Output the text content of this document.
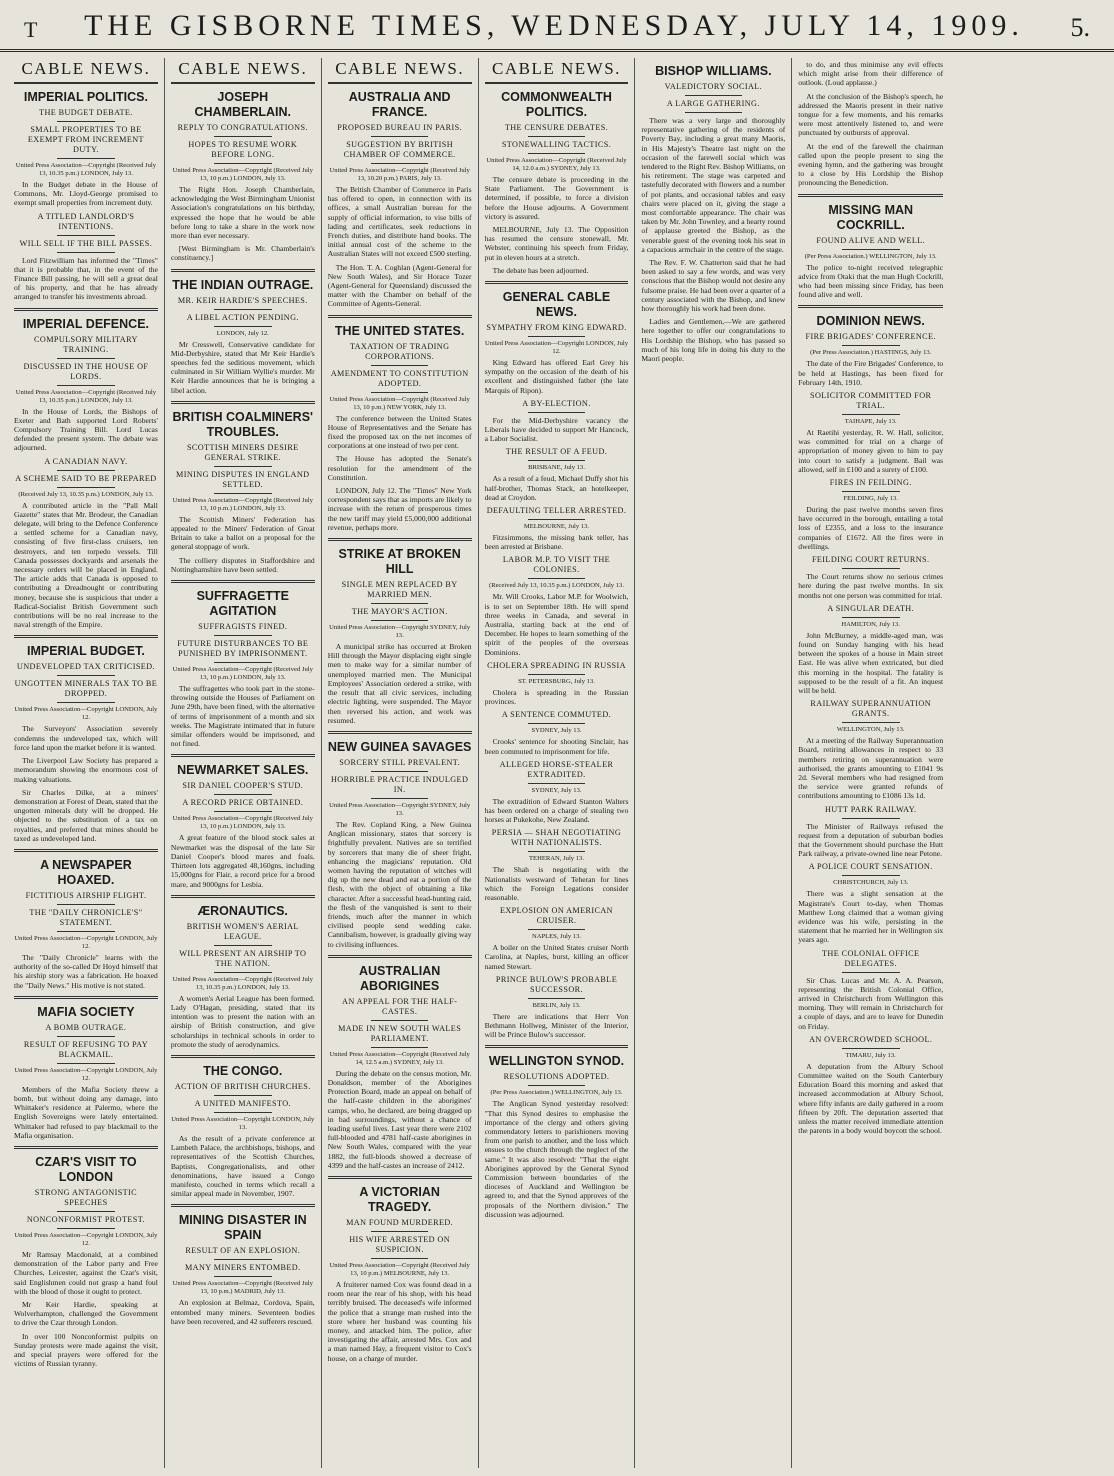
T THE GISBORNE TIMES, WEDNESDAY, JULY 14, 1909. 5.
CABLE NEWS.
IMPERIAL POLITICS.
THE BUDGET DEBATE.
SMALL PROPERTIES TO BE EXEMPT FROM INCREMENT DUTY.
United Press Association—Copyright (Received July 13, 10.35 p.m.) LONDON, July 13.

In the Budget debate in the House of Commons, Mr. Lloyd-George promised to exempt small properties from increment duty.

A TITLED LANDLORD'S INTENTIONS.
WILL SELL IF THE BILL PASSES.

Lord Fitzwilliam has informed the "Times" that it is probable that, in the event of the Finance Bill passing, he will sell a great deal of his property, and that he has already arranged to transfer his investments abroad.

IMPERIAL DEFENCE.
COMPULSORY MILITARY TRAINING.
DISCUSSED IN THE HOUSE OF LORDS.
United Press Association—Copyright (Received July 13, 10.35 p.m.) LONDON, July 13.

In the House of Lords, the Bishops of Exeter and Bath supported Lord Roberts' Compulsory Training Bill. Lord Lucas defended the present system. The debate was adjourned.

A CANADIAN NAVY.
A SCHEME SAID TO BE PREPARED
(Received July 13, 10.35 p.m.) LONDON, July 13.

A contributed article in the "Pall Mall Gazette" states that Mr. Brodeur, the Canadian delegate, will bring to the Defence Conference a settled scheme for a Canadian navy, consisting of five first-class cruisers, ten destroyers, and ten torpedo vessels. Till Canada possesses dockyards and arsenals the necessary orders will be placed in England. The article adds that Canada is opposed to contributing a Dreadnought or contributing money, because she is suspicious that under a Radical-Socialist British Government such contributions will be no real increase to the naval strength of the Empire.

IMPERIAL BUDGET.
UNDEVELOPED TAX CRITICISED.
UNGOTTEN MINERALS TAX TO BE DROPPED.
United Press Association—Copyright LONDON, July 12.

The Surveyors' Association severely condemns the undeveloped tax, which will force land upon the market before it is wanted.

The Liverpool Law Society has prepared a memorandum showing the enormous cost of making valuations.

Sir Charles Dilke, at a miners' demonstration at Forest of Dean, stated that the ungotten minerals duty will be dropped. He objected to the substitution of a tax on royalties, and preferred that mines should be taxed as undeveloped land.

A NEWSPAPER HOAXED.
FICTITIOUS AIRSHIP FLIGHT.
THE "DAILY CHRONICLE'S" STATEMENT.
United Press Association—Copyright LONDON, July 12.

The "Daily Chronicle" learns with the authority of the so-called Dr Hoyd himself that his airship story was a fabrication. He hoaxed the "Daily News." His motive is not stated.

MAFIA SOCIETY
A BOMB OUTRAGE.
RESULT OF REFUSING TO PAY BLACKMAIL.
United Press Association—Copyright LONDON, July 12.

Members of the Mafia Society threw a bomb, but without doing any damage, into Whittaker's residence at Palermo, where the English Sovereigns were lately entertained. Whittaker had refused to pay blackmail to the Mafia organisation.

CZAR'S VISIT TO LONDON
STRONG ANTAGONISTIC SPEECHES
NONCONFORMIST PROTEST.
United Press Association—Copyright LONDON, July 12.

Mr Ramsay Macdonald, at a combined demonstration of the Labor party and Free Churches, Leicester, against the Czar's visit, said Englishmen could not grasp a hand foul with the blood of those it ought to protect.

Mr Keir Hardie, speaking at Wolverhampton, challenged the Government to drive the Czar through London.

In over 100 Nonconformist pulpits on Sunday protests were made against the visit, and special prayers were offered for the victims of Russian tyranny.

CABLE NEWS.
JOSEPH CHAMBERLAIN.
REPLY TO CONGRATULATIONS.
HOPES TO RESUME WORK BEFORE LONG.
United Press Association—Copyright (Received July 13, 10 p.m.) LONDON, July 13.

The Right Hon. Joseph Chamberlain, acknowledging the West Birmingham Unionist Association's congratulations on his birthday, expressed the hope that he would be able before long to take a share in the work now more than ever necessary.

[West Birmingham is Mr. Chamberlain's constituency.]

THE INDIAN OUTRAGE.
MR. KEIR HARDIE'S SPEECHES.
A LIBEL ACTION PENDING.
LONDON, July 12.

Mr Cresswell, Conservative candidate for Mid-Derbyshire, stated that Mr Keir Hardie's speeches fed the seditious movement, which culminated in Sir William Wyllie's murder. Mr Keir Hardie announces that he is bringing a libel action.

BRITISH COALMINERS' TROUBLES.
SCOTTISH MINERS DESIRE GENERAL STRIKE.
MINING DISPUTES IN ENGLAND SETTLED.
United Press Association—Copyright (Received July 13, 10 p.m.) LONDON, July 13.

The Scottish Miners' Federation has appealed to the Miners' Federation of Great Britain to take a ballot on a proposal for the general stoppage of work.

The colliery disputes in Staffordshire and Nottinghamshire have been settled.

SUFFRAGETTE AGITATION
SUFFRAGISTS FINED.
FUTURE DISTURBANCES TO BE PUNISHED BY IMPRISONMENT.
United Press Association—Copyright (Received July 13, 10 p.m.) LONDON, July 13.

The suffragettes who took part in the stone-throwing outside the Houses of Parliament on June 29th, have been fined, with the alternative of terms of imprisonment of a month and six weeks. The Magistrate intimated that in future similar offenders would be imprisoned, and not fined.

NEWMARKET SALES.
SIR DANIEL COOPER'S STUD.
A RECORD PRICE OBTAINED.
United Press Association—Copyright (Received July 13, 10 p.m.) LONDON, July 13.

A great feature of the blood stock sales at Newmarket was the disposal of the late Sir Daniel Cooper's blood mares and foals. Thirteen lots aggregated 48,160gns, including 15,000gns for Flair, a record price for a brood mare, and 9000gns for Lesbia.

ÆRONAUTICS.
BRITISH WOMEN'S AERIAL LEAGUE.
WILL PRESENT AN AIRSHIP TO THE NATION.
United Press Association—Copyright (Received July 13, 10.35 p.m.) LONDON, July 13.

A women's Aerial League has been formed. Lady O'Hagan, presiding, stated that its intention was to present the nation with an airship of British construction, and give scholarships in technical schools in order to promote the study of aerodynamics.

THE CONGO.
ACTION OF BRITISH CHURCHES.
A UNITED MANIFESTO.
United Press Association—Copyright LONDON, July 13.

As the result of a private conference at Lambeth Palace, the archbishops, bishops, and representatives of the Scottish Churches, Baptists, Congregationalists, and other denominations, have issued a Congo manifesto, couched in terms which recall a similar appeal made in November, 1907.

MINING DISASTER IN SPAIN
RESULT OF AN EXPLOSION.
MANY MINERS ENTOMBED.
United Press Association—Copyright (Received July 13, 10 p.m.) MADRID, July 13.

An explosion at Belmaz, Cordova, Spain, entombed many miners. Seventeen bodies have been recovered, and 42 sufferers rescued.

CABLE NEWS.
AUSTRALIA AND FRANCE.
PROPOSED BUREAU IN PARIS.
SUGGESTION BY BRITISH CHAMBER OF COMMERCE.
United Press Association—Copyright (Received July 13, 10.20 p.m.) PARIS, July 13.

The British Chamber of Commerce in Paris has offered to open, in connection with its offices, a small Australian bureau for the supply of official information, to vise bills of lading and certificates, seek reductions in French duties, and distribute hand books. The initial annual cost of the scheme to the Australian States will not exceed £500 sterling.

The Hon. T. A. Coghlan (Agent-General for New South Wales), and Sir Horace Tozer (Agent-General for Queensland) discussed the matter with the Chamber on behalf of the Committee of Agents-General.

THE UNITED STATES.
TAXATION OF TRADING CORPORATIONS.
AMENDMENT TO CONSTITUTION ADOPTED.
United Press Association—Copyright (Received July 13, 10 p.m.) NEW YORK, July 13.

The conference between the United States House of Representatives and the Senate has fixed the proposed tax on the net incomes of corporations at one instead of two per cent.

The House has adopted the Senate's resolution for the amendment of the Constitution.

LONDON, July 12. The "Times" New York correspondent says that as imports are likely to increase with the return of prosperous times the new tariff may yield £5,000,000 additional revenue, perhaps more.

STRIKE AT BROKEN HILL
SINGLE MEN REPLACED BY MARRIED MEN.
THE MAYOR'S ACTION.
United Press Association—Copyright SYDNEY, July 13.

A municipal strike has occurred at Broken Hill through the Mayor displacing eight single men to make way for a similar number of unemployed married men. The Municipal Employees' Association ordered a strike, with the result that all civic services, including electric lighting, were suspended. The Mayor then reversed his action, and work was resumed.

NEW GUINEA SAVAGES
SORCERY STILL PREVALENT.
HORRIBLE PRACTICE INDULGED IN.
United Press Association—Copyright SYDNEY, July 13.

The Rev. Copland King, a New Guinea Anglican missionary, states that sorcery is frightfully prevalent. Natives are so terrified by sorcerers that many die of sheer fright, enhancing the magicians' reputation. Old women having the reputation of witches will dig up the new dead and eat a portion of the flesh, with the object of obtaining a like character. After a successful head-hunting raid, the flesh of the vanquished is sent to their friends, much after the manner in which civilised people send wedding cake. Cannibalism, however, is gradually giving way to civilising influences.

AUSTRALIAN ABORIGINES
AN APPEAL FOR THE HALF-CASTES.
MADE IN NEW SOUTH WALES PARLIAMENT.
United Press Association—Copyright (Received July 14, 12.5 a.m.) SYDNEY, July 13.

During the debate on the census motion, Mr. Donaldson, member of the Aborigines Protection Board, made an appeal on behalf of the half-caste children in the aborigines' camps, who, he declared, are being dragged up in bad surroundings, without a chance of leading useful lives. Last year there were 2102 full-blooded and 4781 half-caste aborigines in New South Wales, compared with the year 1882, the full-bloods showed a decrease of 4399 and the half-castes an increase of 2412.

A VICTORIAN TRAGEDY.
MAN FOUND MURDERED.
HIS WIFE ARRESTED ON SUSPICION.
United Press Association—Copyright (Received July 13, 10 p.m.) MELBOURNE, July 13.

A fruiterer named Cox was found dead in a room near the rear of his shop, with his head terribly bruised. The deceased's wife informed the police that a strange man rushed into the store where her husband was counting his money, and attacked him. The police, after investigating the affair, arrested Mrs. Cox and a man named Hay, a frequent visitor to Cox's house, on a charge of murder.

CABLE NEWS.
COMMONWEALTH POLITICS.
THE CENSURE DEBATES.
STONEWALLING TACTICS.
United Press Association—Copyright (Received July 14, 12.0 a.m.) SYDNEY, July 13.

The censure debate is proceeding in the State Parliament. The Government is determined, if possible, to force a division before the House adjourns. A Government victory is assured.

MELBOURNE, July 13. The Opposition has resumed the censure stonewall, Mr. Webster, continuing his speech from Friday, put in eleven hours at a stretch.

The debate has been adjourned.

GENERAL CABLE NEWS.
SYMPATHY FROM KING EDWARD.
United Press Association—Copyright LONDON, July 12.

King Edward has offered Earl Grey his sympathy on the occasion of the death of his excellent and distinguished father (the late Marquis of Ripon).

A BY-ELECTION.

For the Mid-Derbyshire vacancy the Liberals have decided to support Mr Hancock, a Labor Socialist.

THE RESULT OF A FEUD.
BRISBANE, July 13.

As a result of a feud, Michael Duffy shot his half-brother, Thomas Stack, an hotelkeeper, dead at Croydon.

DEFAULTING TELLER ARRESTED.
MELBOURNE, July 13.

Fitzsimmons, the missing bank teller, has been arrested at Brisbane.

LABOR M.P. TO VISIT THE COLONIES.
(Received July 13, 10.35 p.m.) LONDON, July 13.

Mr. Will Crooks, Labor M.P. for Woolwich, is to set on September 18th. He will spend three weeks in Canada, and several in Australia, starting back at the end of December. He hopes to learn something of the spirit of the peoples of the overseas Dominions.

CHOLERA SPREADING IN RUSSIA
ST. PETERSBURG, July 13.

Cholera is spreading in the Russian provinces.

A SENTENCE COMMUTED.
SYDNEY, July 13.

Crooks' sentence for shooting Sinclair, has been commuted to imprisonment for life.

ALLEGED HORSE-STEALER EXTRADITED.
SYDNEY, July 13.

The extradition of Edward Stanton Walters has been ordered on a charge of stealing two horses at Pukekohe, New Zealand.

PERSIA — SHAH NEGOTIATING WITH NATIONALISTS.
TEHERAN, July 13.

The Shah is negotiating with the Nationalists westward of Teheran for lines which the Foreign Legations consider reasonable.

EXPLOSION ON AMERICAN CRUISER.
NAPLES, July 13.

A boiler on the United States cruiser North Carolina, at Naples, burst, killing an officer named Stewart.

PRINCE BULOW'S PROBABLE SUCCESSOR.
BERLIN, July 13.

There are indications that Herr Von Bethmann Hollweg, Minister of the Interior, will be Prince Bulow's successor.

WELLINGTON SYNOD.
RESOLUTIONS ADOPTED.
(Per Press Association.) WELLINGTON, July 13.

The Anglican Synod yesterday resolved: "That this Synod desires to emphasise the importance of the clergy and others giving commendatory letters to parishioners moving from one parish to another, and the loss which ensues to the church through the neglect of the same." It was also resolved: "That the eight Aborigines approved by the General Synod Commission between boundaries of the dioceses of Auckland and Wellington be agreed to, and that the Synod approves of the proposals of the Northern division." The discussion was adjourned.

BISHOP WILLIAMS.
VALEDICTORY SOCIAL.
A LARGE GATHERING.

There was a very large and thoroughly representative gathering of the residents of Poverty Bay, including a great many Maoris, in His Majesty's Theatre last night on the occasion of the farewell social which was tendered to the Right Rev. Bishop Williams, on his retirement. The stage was carpeted and tastefully decorated with flowers and a number of pot plants, and occasional tables and easy chairs were placed on it, giving the stage a most comfortable appearance. The chair was taken by Mr. John Townley, and a hearty round of applause greeted the Bishop, as the venerable guest of the evening took his seat in a capacious armchair in the centre of the stage.

The Rev. F. W. Chatterton said that he had been asked to say a few words, and was very conscious that the Bishop would not desire any fulsome praise. He had been over a quarter of a century associated with the Bishop, and knew how thoroughly his work had been done.

Ladies and Gentlemen,—We are gathered here together to offer our congratulations to His Lordship the Bishop, who has passed so much of his long life in doing his duty to the Maori people.

to do, and thus minimise any evil effects which might arise from their difference of outlook. (Loud applause.)

At the conclusion of the Bishop's speech, he addressed the Maoris present in their native tongue for a few moments, and his remarks were most attentively listened to, and were punctuated by outbursts of approval.

At the end of the farewell the chairman called upon the people present to sing the evening hymn, and the gathering was brought to a close by His Lordship the Bishop pronouncing the Benediction.

MISSING MAN COCKRILL.
FOUND ALIVE AND WELL.
(Per Press Association.) WELLINGTON, July 13.

The police to-night received telegraphic advice from Otaki that the man Hugh Cockrill, who had been missing since Friday, has been found alive and well.

DOMINION NEWS.
FIRE BRIGADES' CONFERENCE.
(Per Press Association.) HASTINGS, July 13.

The date of the Fire Brigades' Conference, to be held at Hastings, has been fixed for February 14th, 1910.

SOLICITOR COMMITTED FOR TRIAL.
TAIHAPE, July 13.

At Raetihi yesterday, R. W. Hall, solicitor, was committed for trial on a charge of appropriation of money given to him to pay into court to satisfy a judgment. Bail was allowed, self in £100 and a surety of £100.

FIRES IN FEILDING.
FEILDING, July 13.

During the past twelve months seven fires have occurred in the borough, entailing a total loss of £2355, and a loss to the insurance companies of £1672. All the fires were in dwellings.

FEILDING COURT RETURNS.

The Court returns show no serious crimes here during the past twelve months. In six months not one person was committed for trial.

A SINGULAR DEATH.
HAMILTON, July 13.

John McBurney, a middle-aged man, was found on Sunday hanging with his head between the spokes of a house in Main street East. He was alive when extricated, but died this morning in the hospital. The fatality is supposed to be the result of a fit. An inquest will be held.

RAILWAY SUPERANNUATION GRANTS.
WELLINGTON, July 13.

At a meeting of the Railway Superannuation Board, retiring allowances in respect to 33 members retiring on superannuation were authorised, the grants amounting to £1041 9s 2d. Several members who had resigned from the service were granted refunds of contributions amounting to £1086 13s 1d.

HUTT PARK RAILWAY.

The Minister of Railways refused the request from a deputation of suburban bodies that the Government should purchase the Hutt Park railway, a private-owned line near Petone.

A POLICE COURT SENSATION.
CHRISTCHURCH, July 13.

There was a slight sensation at the Magistrate's Court to-day, when Thomas Matthew Long claimed that a woman giving evidence was his wife, persisting in the statement that he married her in Wellington six years ago.

THE COLONIAL OFFICE DELEGATES.

Sir Chas. Lucas and Mr. A. A. Pearson, representing the British Colonial Office, arrived in Christchurch from Wellington this morning. They will remain in Christchurch for a couple of days, and are to leave for Dunedin on Friday.

AN OVERCROWDED SCHOOL.
TIMARU, July 13.

A deputation from the Albury School Committee waited on the South Canterbury Education Board this morning and asked that increased accommodation at Albury School, where fifty infants are daily gathered in a room fifteen by 20ft. The deputation asserted that unless the matter received immediate attention the parents in a body would boycott the school.
